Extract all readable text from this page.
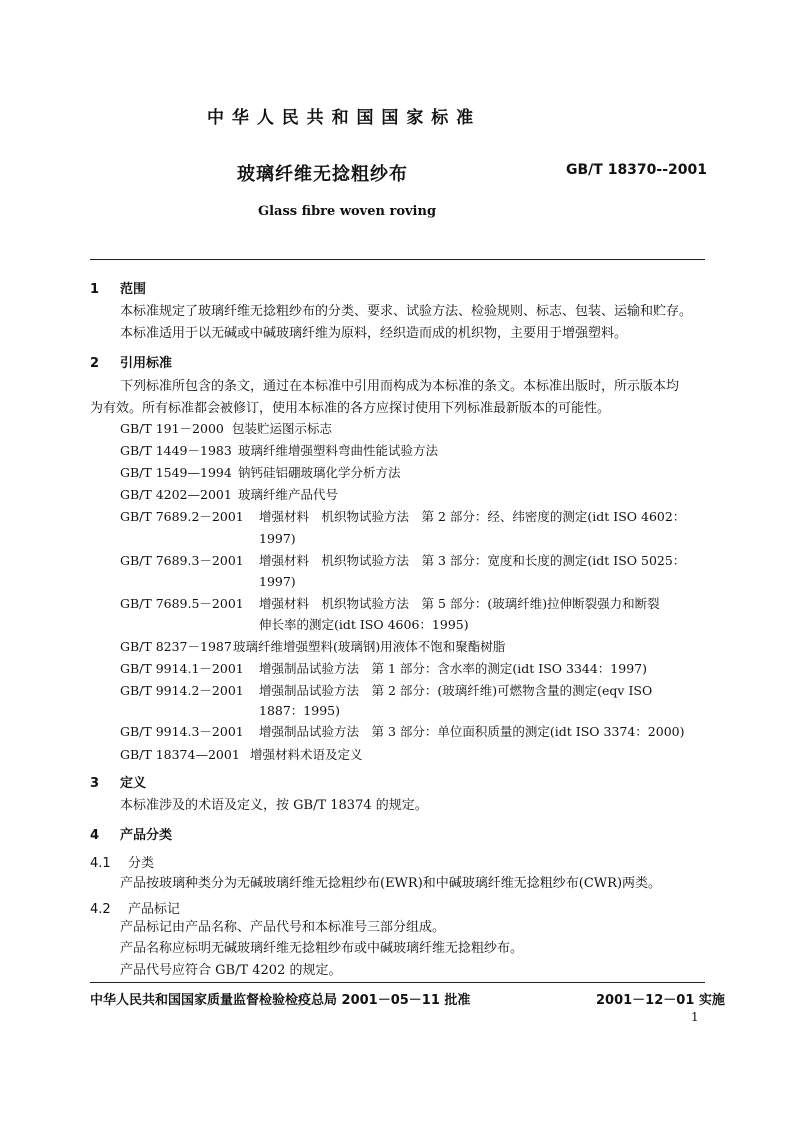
中 华 人 民 共 和 国 国 家 标 准
玻璃纤维无捻粗纱布	GB/T 18370--2001
Glass fibre woven roving
1 范围
本标准规定了玻璃纤维无捻粗纱布的分类、要求、试验方法、检验规则、标志、包装、运输和贮存。
本标准适用于以无碱或中碱玻璃纤维为原料，经织造而成的机织物，主要用于增强塑料。
2 引用标准
下列标准所包含的条文，通过在本标准中引用而构成为本标准的条文。本标准出版时，所示版本均
为有效。所有标准都会被修订，使用本标准的各方应探讨使用下列标准最新版本的可能性。
GB/T 191－2000 包装贮运图示标志
GB/T 1449－1983 玻璃纤维增强塑料弯曲性能试验方法
GB/T 1549—1994 钠钙硅铝硼玻璃化学分析方法
GB/T 4202—2001 玻璃纤维产品代号
GB/T 7689.2－2001 增强材料　机织物试验方法　第 2 部分：经、纬密度的测定(idt ISO 4602：
1997)
GB/T 7689.3－2001 增强材料　机织物试验方法　第 3 部分：宽度和长度的测定(idt ISO 5025：
1997)
GB/T 7689.5－2001 增强材料　机织物试验方法　第 5 部分：(玻璃纤维)拉伸断裂强力和断裂
伸长率的测定(idt ISO 4606：1995)
GB/T 8237－1987玻璃纤维增强塑料(玻璃钢)用液体不饱和聚酯树脂
GB/T 9914.1－2001 增强制品试验方法　第 1 部分：含水率的测定(idt ISO 3344：1997)
GB/T 9914.2－2001 增强制品试验方法　第 2 部分：(玻璃纤维)可燃物含量的测定(eqv ISO
1887：1995)
GB/T 9914.3－2001 增强制品试验方法　第 3 部分：单位面积质量的测定(idt ISO 3374：2000)
GB/T 18374—2001 增强材料术语及定义
3 定义
本标准涉及的术语及定义，按 GB/T 18374 的规定。
4 产品分类
4.1 分类
产品按玻璃种类分为无碱玻璃纤维无捻粗纱布(EWR)和中碱玻璃纤维无捻粗纱布(CWR)两类。
4.2 产品标记
产品标记由产品名称、产品代号和本标准号三部分组成。
产品名称应标明无碱玻璃纤维无捻粗纱布或中碱玻璃纤维无捻粗纱布。
产品代号应符合 GB/T 4202 的规定。
中华人民共和国国家质量监督检验检疫总局 2001－05－11 批准	2001－12－01 实施
1
